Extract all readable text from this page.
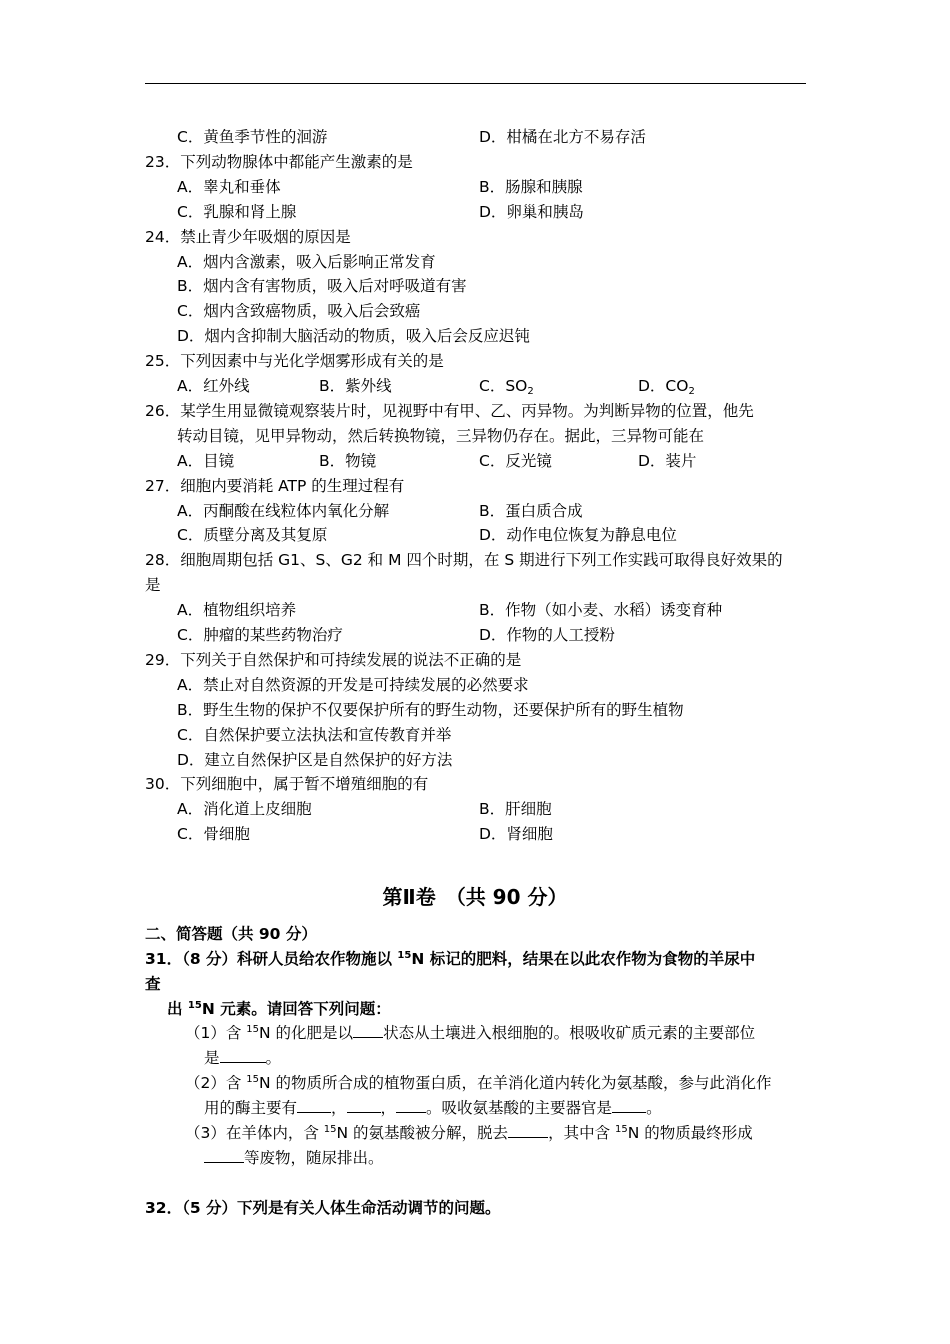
C．黄鱼季节性的洄游	D．柑橘在北方不易存活
23．下列动物腺体中都能产生激素的是
A．睾丸和垂体	B．肠腺和胰腺
C．乳腺和肾上腺	D．卵巢和胰岛
24．禁止青少年吸烟的原因是
A．烟内含激素，吸入后影响正常发育
B．烟内含有害物质，吸入后对呼吸道有害
C．烟内含致癌物质，吸入后会致癌
D．烟内含抑制大脑活动的物质，吸入后会反应迟钝
25．下列因素中与光化学烟雾形成有关的是
A．红外线	B．紫外线	C．$SO_2$	D．$CO_2$
26．某学生用显微镜观察装片时，见视野中有甲、乙、丙异物。为判断异物的位置，他先
转动目镜，见甲异物动，然后转换物镜，三异物仍存在。据此，三异物可能在
A．目镜	B．物镜	C．反光镜	D．装片
27．细胞内要消耗 ATP 的生理过程有
A．丙酮酸在线粒体内氧化分解	B．蛋白质合成
C．质壁分离及其复原	D．动作电位恢复为静息电位
28．细胞周期包括 G1、S、G2 和 M 四个时期，在 S 期进行下列工作实践可取得良好效果的
是
A．植物组织培养	B．作物（如小麦、水稻）诱变育种
C．肿瘤的某些药物治疗	D．作物的人工授粉
29．下列关于自然保护和可持续发展的说法不正确的是
A．禁止对自然资源的开发是可持续发展的必然要求
B．野生生物的保护不仅要保护所有的野生动物，还要保护所有的野生植物
C．自然保护要立法执法和宣传教育并举
D．建立自然保护区是自然保护的好方法
30．下列细胞中，属于暂不增殖细胞的有
A．消化道上皮细胞	B．肝细胞
C．骨细胞	D．肾细胞
第Ⅱ卷　（共 90 分）
二、简答题（共 90 分）
31．（8 分）科研人员给农作物施以 $^{15}$N 标记的肥料，结果在以此农作物为食物的羊尿中
查
出 $^{15}$N 元素。请回答下列问题：
（1）含 $^{15}$N 的化肥是以 状态从土壤进入根细胞的。根吸收矿质元素的主要部位
是	。
（2）含 $^{15}$N 的物质所合成的植物蛋白质，在羊消化道内转化为氨基酸，参与此消化作
用的酶主要有 ， ， 。吸收氨基酸的主要器官是 。
（3）在羊体内，含 $^{15}$N 的氨基酸被分解，脱去	，其中含 $^{15}$N 的物质最终形成
等废物，随尿排出。
32．（5 分）下列是有关人体生命活动调节的问题。
